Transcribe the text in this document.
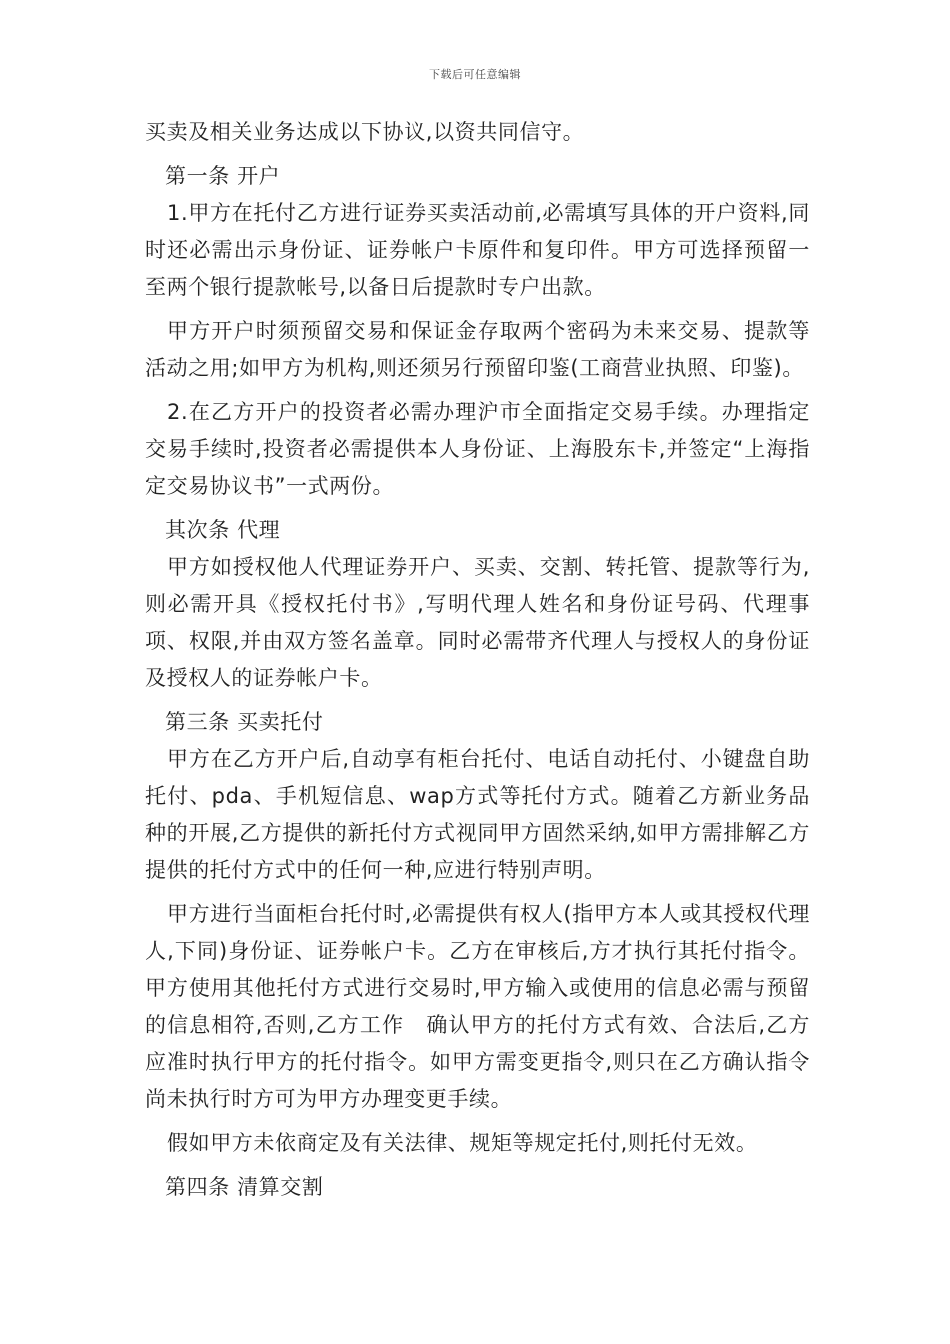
下载后可任意编辑

买卖及相关业务达成以下协议,以资共同信守。

第一条 开户

1.甲方在托付乙方进行证券买卖活动前,必需填写具体的开户资料,同时还必需出示身份证、证券帐户卡原件和复印件。甲方可选择预留一至两个银行提款帐号,以备日后提款时专户出款。

甲方开户时须预留交易和保证金存取两个密码为未来交易、提款等活动之用;如甲方为机构,则还须另行预留印鉴(工商营业执照、印鉴)。

2.在乙方开户的投资者必需办理沪市全面指定交易手续。办理指定交易手续时,投资者必需提供本人身份证、上海股东卡,并签定“上海指定交易协议书”一式两份。

其次条 代理

甲方如授权他人代理证券开户、买卖、交割、转托管、提款等行为,则必需开具《授权托付书》,写明代理人姓名和身份证号码、代理事项、权限,并由双方签名盖章。同时必需带齐代理人与授权人的身份证及授权人的证券帐户卡。

第三条 买卖托付

甲方在乙方开户后,自动享有柜台托付、电话自动托付、小键盘自助托付、pda、手机短信息、wap方式等托付方式。随着乙方新业务品种的开展,乙方提供的新托付方式视同甲方固然采纳,如甲方需排解乙方提供的托付方式中的任何一种,应进行特别声明。

甲方进行当面柜台托付时,必需提供有权人(指甲方本人或其授权代理人,下同)身份证、证券帐户卡。乙方在审核后,方才执行其托付指令。甲方使用其他托付方式进行交易时,甲方输入或使用的信息必需与预留的信息相符,否则,乙方工作　确认甲方的托付方式有效、合法后,乙方应准时执行甲方的托付指令。如甲方需变更指令,则只在乙方确认指令尚未执行时方可为甲方办理变更手续。

假如甲方未依商定及有关法律、规矩等规定托付,则托付无效。

第四条 清算交割
